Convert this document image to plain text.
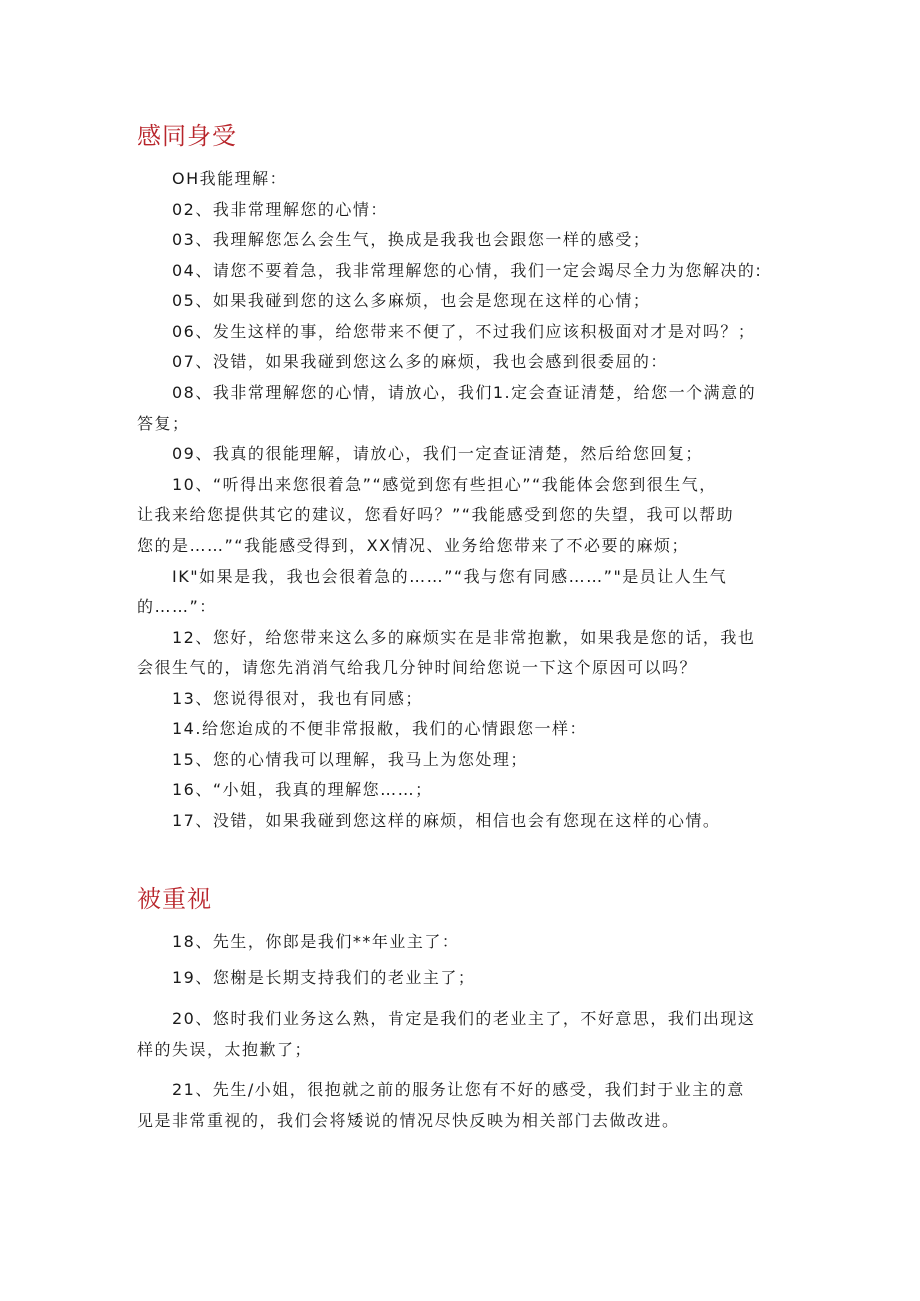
感同身受
OH我能理解：
02、我非常理解您的心情：
03、我理解您怎么会生气，换成是我我也会跟您一样的感受；
04、请您不要着急，我非常理解您的心情，我们一定会竭尽全力为您解决的:
05、如果我碰到您的这么多麻烦，也会是您现在这样的心情；
06、发生这样的事，给您带来不便了，不过我们应该积极面对才是对吗？；
07、没错，如果我碰到您这么多的麻烦，我也会感到很委屈的：
08、我非常理解您的心情，请放心，我们1.定会查证清楚，给您一个满意的
答复；
09、我真的很能理解，请放心，我们一定查证清楚，然后给您回复；
10、“听得出来您很着急”“感觉到您有些担心”“我能体会您到很生气，
让我来给您提供其它的建议，您看好吗？”“我能感受到您的失望，我可以帮助
您的是……”“我能感受得到，XX情况、业务给您带来了不必要的麻烦；
IK"如果是我，我也会很着急的……”“我与您有同感……”"是员让人生气
的……”：
12、您好，给您带来这么多的麻烦实在是非常抱歉，如果我是您的话，我也
会很生气的，请您先消消气给我几分钟时间给您说一下这个原因可以吗？
13、您说得很对，我也有同感；
14.给您迨成的不便非常报敝，我们的心情跟您一样：
15、您的心情我可以理解，我马上为您处理；
16、“小姐，我真的理解您……；
17、没错，如果我碰到您这样的麻烦，相信也会有您现在这样的心情。
被重视
18、先生，你郎是我们**年业主了：
19、您榭是长期支持我们的老业主了；
20、悠时我们业务这么熟，肯定是我们的老业主了，不好意思，我们出现这
样的失误，太抱歉了；
21、先生/小姐，很抱就之前的服务让您有不好的感受，我们封于业主的意
见是非常重视的，我们会将矮说的情况尽快反映为相关部门去做改进。
